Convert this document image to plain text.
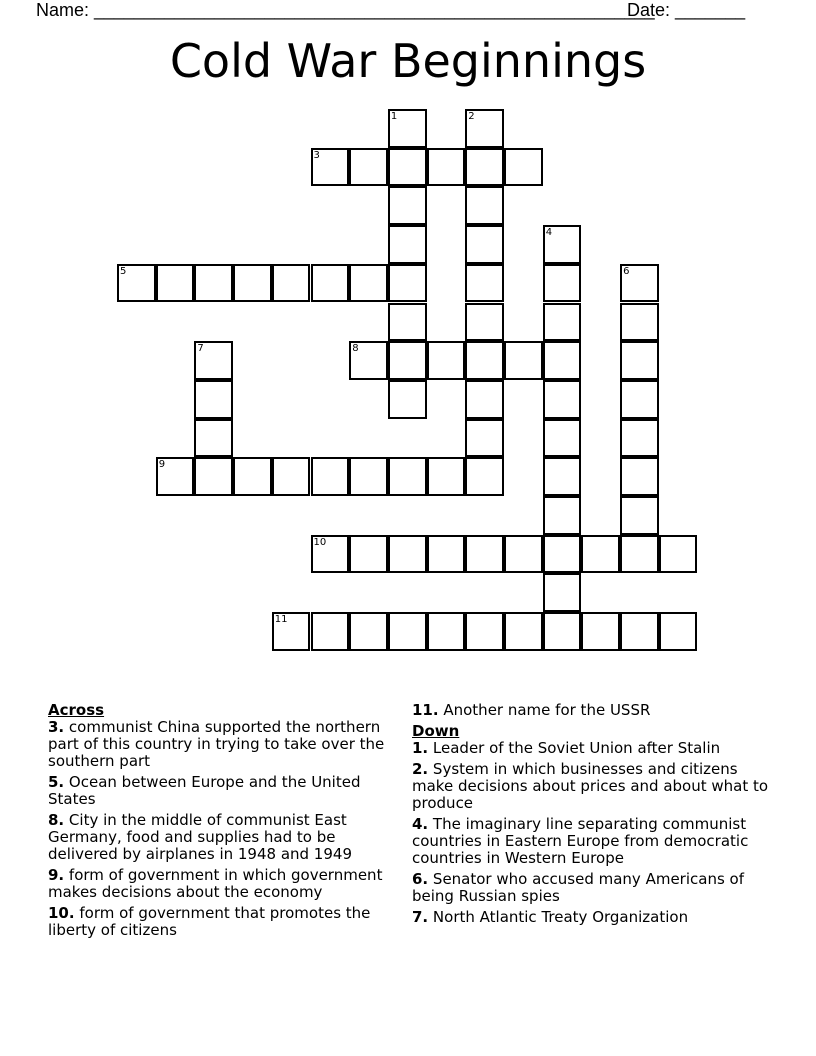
Name: ________________________________________________________
Date: _______
Cold War Beginnings
1	2
3
4
5	6
7	8
9
10
11
Across

3. communist China supported the northern part of this country in trying to take over the southern part

5. Ocean between Europe and the United States

8. City in the middle of communist East Germany, food and supplies had to be delivered by airplanes in 1948 and 1949

9. form of government in which government makes decisions about the economy

10. form of government that promotes the liberty of citizens

11. Another name for the USSR

Down

1. Leader of the Soviet Union after Stalin

2. System in which businesses and citizens make decisions about prices and about what to produce

4. The imaginary line separating communist countries in Eastern Europe from democratic countries in Western Europe

6. Senator who accused many Americans of being Russian spies

7. North Atlantic Treaty Organization
